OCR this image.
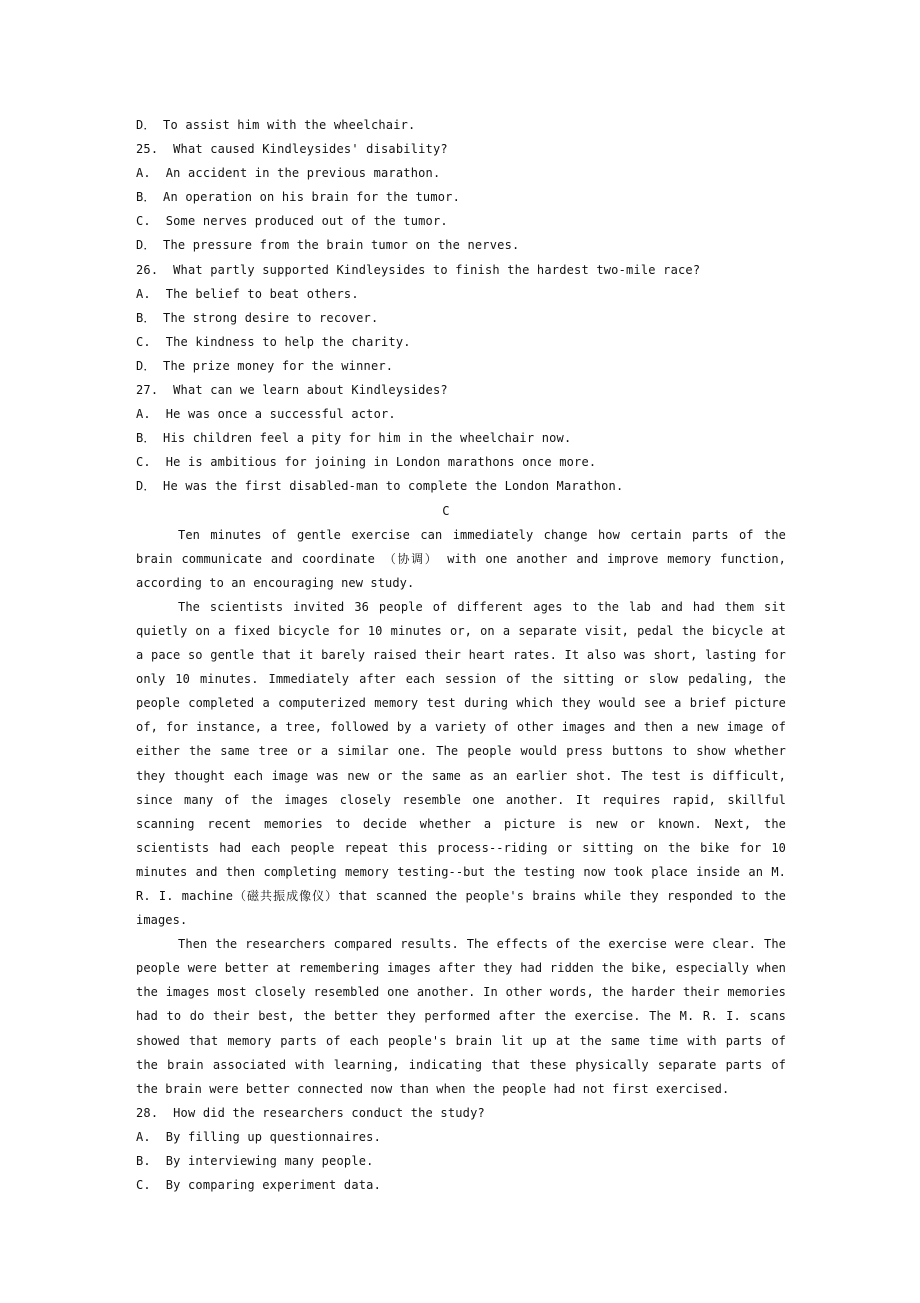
D． To assist him with the wheelchair.
25.  What caused Kindleysides' disability?
A.  An accident in the previous marathon.
B． An operation on his brain for the tumor.
C.  Some nerves produced out of the tumor.
D． The pressure from the brain tumor on the nerves.
26.  What partly supported Kindleysides to finish the hardest two-mile race?
A.  The belief to beat others.
B． The strong desire to recover.
C.  The kindness to help the charity.
D． The prize money for the winner.
27.  What can we learn about Kindleysides?
A.  He was once a successful actor.
B． His children feel a pity for him in the wheelchair now.
C.  He is ambitious for joining in London marathons once more.
D． He was the first disabled-man to complete the London Marathon.
C
Ten minutes of gentle exercise can immediately change how certain parts of the brain communicate and coordinate （协调） with one another and improve memory function, according to an encouraging new study.
The scientists invited 36 people of different ages to the lab and had them sit quietly on a fixed bicycle for 10 minutes or, on a separate visit, pedal the bicycle at a pace so gentle that it barely raised their heart rates. It also was short, lasting for only 10 minutes. Immediately after each session of the sitting or slow pedaling, the people completed a computerized memory test during which they would see a brief picture of, for instance, a tree, followed by a variety of other images and then a new image of either the same tree or a similar one. The people would press buttons to show whether they thought each image was new or the same as an earlier shot. The test is difficult, since many of the images closely resemble one another. It requires rapid, skillful scanning recent memories to decide whether a picture is new or known. Next, the scientists had each people repeat this process--riding or sitting on the bike for 10 minutes and then completing memory testing--but the testing now took place inside an M. R. I. machine（磁共振成像仪）that scanned the people's brains while they responded to the images.
Then the researchers compared results. The effects of the exercise were clear. The people were better at remembering images after they had ridden the bike, especially when the images most closely resembled one another. In other words, the harder their memories had to do their best, the better they performed after the exercise. The M. R. I. scans showed that memory parts of each people's brain lit up at the same time with parts of the brain associated with learning, indicating that these physically separate parts of the brain were better connected now than when the people had not first exercised.
28.  How did the researchers conduct the study?
A.  By filling up questionnaires.
B.  By interviewing many people.
C.  By comparing experiment data.
